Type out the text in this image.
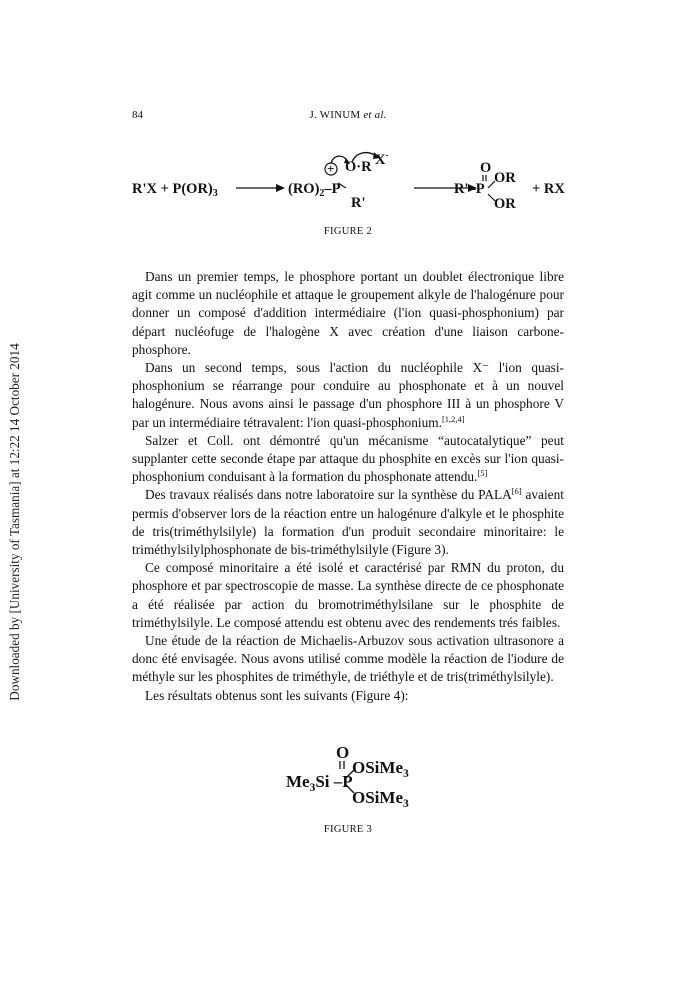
Downloaded by [University of Tasmania] at 12:22 14 October 2014
84	J. WINUM et al.
$R'X + P(OR)_3 \to (RO)_2-P$
+ O·R X-
R'
O
OR
R'–P
OR
+ RX
FIGURE 2

Dans un premier temps, le phosphore portant un doublet électronique libre agit comme un nucléophile et attaque le groupement alkyle de l'halogénure pour donner un composé d'addition intermédiaire (l'ion quasi-phosphonium) par départ nucléofuge de l'halogène X avec création d'une liaison carbone-phosphore.

Dans un second temps, sous l'action du nucléophile X⁻ l'ion quasi-phosphonium se réarrange pour conduire au phosphonate et à un nouvel halogénure. Nous avons ainsi le passage d'un phosphore III à un phosphore V par un intermédiaire tétravalent: l'ion quasi-phosphonium.[1,2,4]

Salzer et Coll. ont démontré qu'un mécanisme “autocatalytique” peut supplanter cette seconde étape par attaque du phosphite en excès sur l'ion quasi-phosphonium conduisant à la formation du phosphonate attendu.[5]

Des travaux réalisés dans notre laboratoire sur la synthèse du PALA[6] avaient permis d'observer lors de la réaction entre un halogénure d'alkyle et le phosphite de tris(triméthylsilyle) la formation d'un produit secondaire minoritaire: le triméthylsilylphosphonate de bis-triméthylsilyle (Figure 3).

Ce composé minoritaire a été isolé et caractérisé par RMN du proton, du phosphore et par spectroscopie de masse. La synthèse directe de ce phosphonate a été réalisée par action du bromotriméthylsilane sur le phosphite de triméthylsilyle. Le composé attendu est obtenu avec des rendements trés faibles.

Une étude de la réaction de Michaelis-Arbuzov sous activation ultrasonore a donc été envisagée. Nous avons utilisé comme modèle la réaction de l'iodure de méthyle sur les phosphites de triméthyle, de triéthyle et de tris(triméthylsilyle).

Les résultats obtenus sont les suivants (Figure 4):

O
OSiMe$_3$
$Me_3Si$ –P
OSiMe$_3$
FIGURE 3
